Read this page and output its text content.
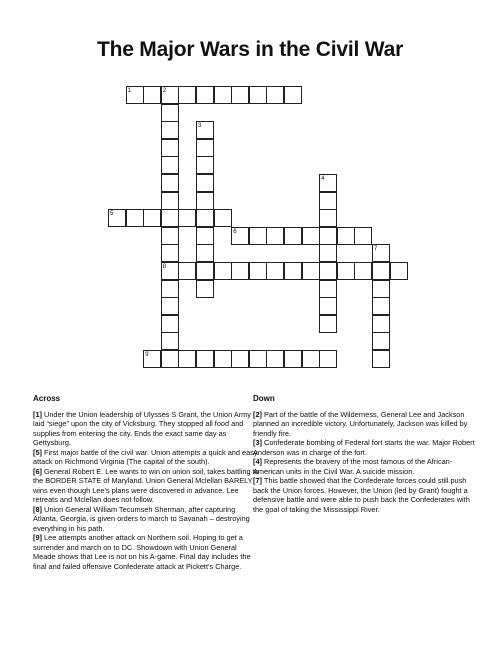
The Major Wars in the Civil War
1	2
3
4
5
6
7
8
9
Across

[1] Under the Union leadership of Ulysses S Grant, the Union Army laid “siege” upon the city of Vicksburg. They stopped all food and supplies from entering the city. Ends the exact same day as Gettysburg.

[5] First major battle of the civil war. Union attempts a quick and easy attack on Richmond Virginia (The capital of the south).

[6] General Robert E. Lee wants to win on union soil, takes battling to the BORDER STATE of Maryland. Union General Mclellan BARELY wins even though Lee’s plans were discovered in advance. Lee retreats and Mclellan does not follow.

[8] Union General William Tecumseh Sherman, after capturing Atlanta, Georgia, is given orders to march to Savanah – destroying everything in his path.

[9] Lee attempts another attack on Northern soil. Hoping to get a surrender and march on to DC. Showdown with Union General Meade shows that Lee is not on his A-game. Final day includes the final and failed offensive Confederate attack at Pickett’s Charge.

Down

[2] Part of the battle of the Wilderness, General Lee and Jackson planned an incredible victory. Unfortunately, Jackson was killed by friendly fire.

[3] Confederate bombing of Federal fort starts the war. Major Robert Anderson was in charge of the fort.

[4] Represents the bravery of the most famous of the African-American units in the Civil War. A suicide mission.

[7] This battle showed that the Confederate forces could still push back the Union forces. However, the Union (led by Grant) fought a defensive battle and were able to push back the Confederates with the goal of taking the Mississippi River.
